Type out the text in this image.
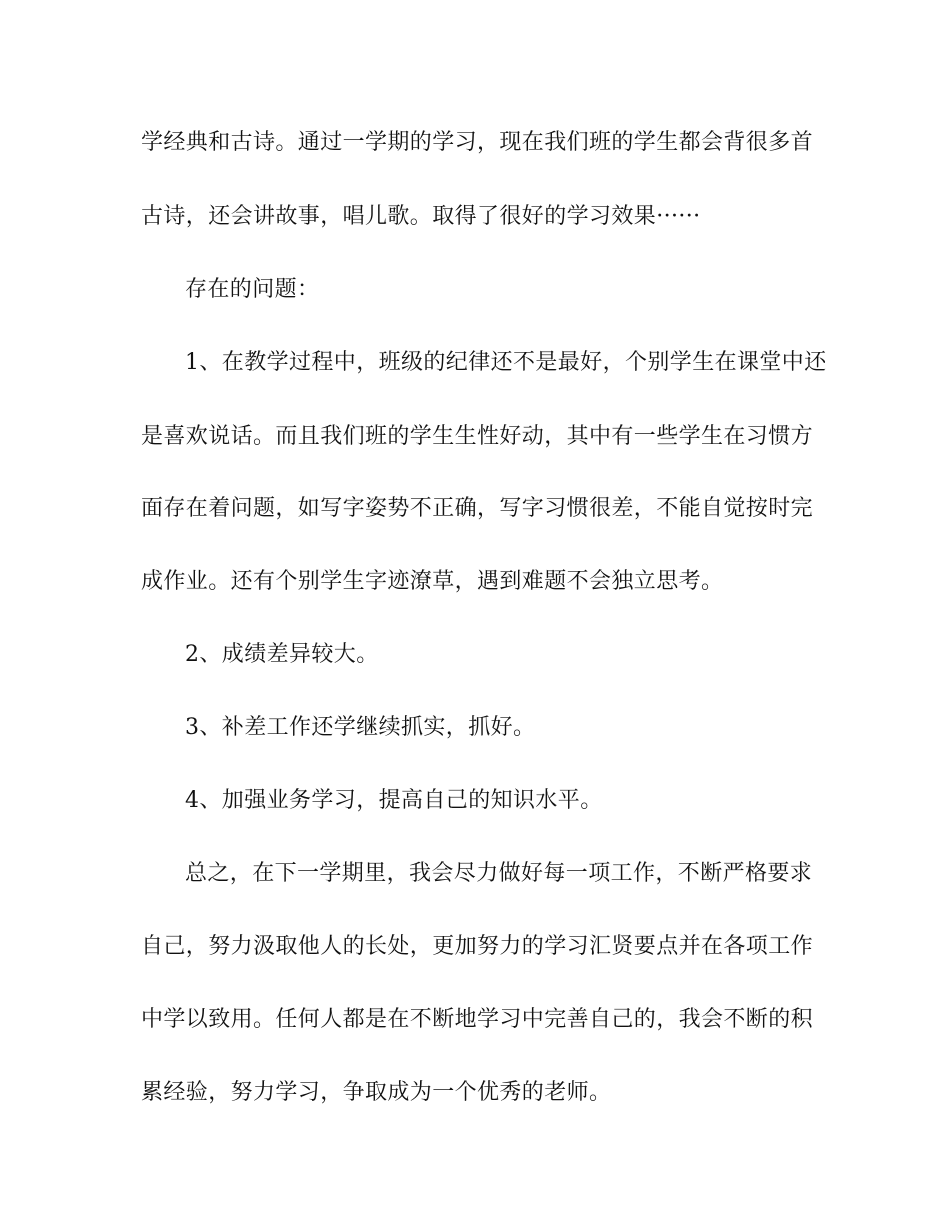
学经典和古诗。通过一学期的学习，现在我们班的学生都会背很多首

古诗，还会讲故事，唱儿歌。取得了很好的学习效果······

存在的问题：

1、在教学过程中，班级的纪律还不是最好，个别学生在课堂中还

是喜欢说话。而且我们班的学生生性好动，其中有一些学生在习惯方

面存在着问题，如写字姿势不正确，写字习惯很差，不能自觉按时完

成作业。还有个别学生字迹潦草，遇到难题不会独立思考。

2、成绩差异较大。

3、补差工作还学继续抓实，抓好。

4、加强业务学习，提高自己的知识水平。

总之，在下一学期里，我会尽力做好每一项工作，不断严格要求

自己，努力汲取他人的长处，更加努力的学习汇贤要点并在各项工作

中学以致用。任何人都是在不断地学习中完善自己的，我会不断的积

累经验，努力学习，争取成为一个优秀的老师。
